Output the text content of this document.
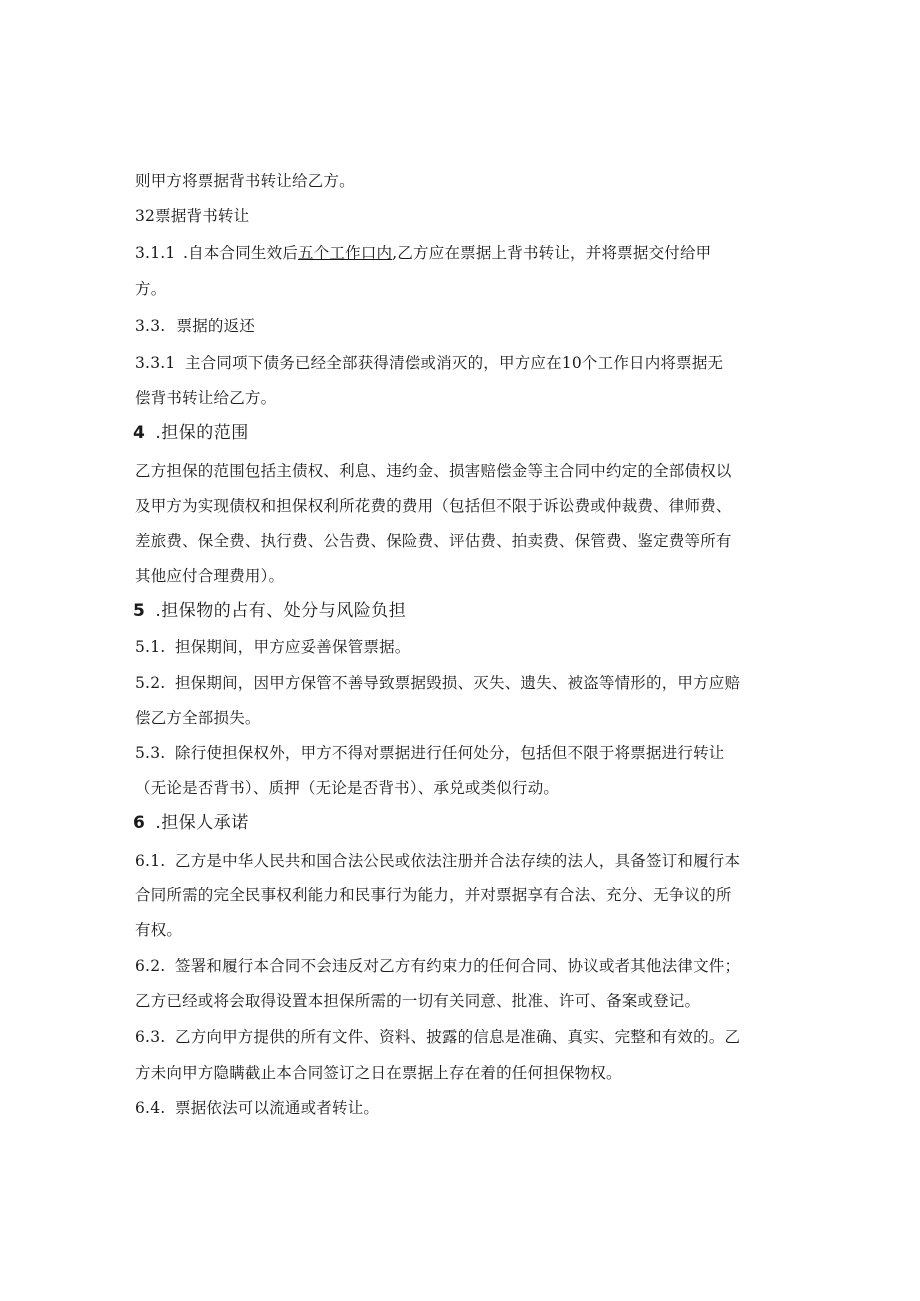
则甲方将票据背书转让给乙方。
32票据背书转让
3.1.1 .自本合同生效后五个工作口内,乙方应在票据上背书转让，并将票据交付给甲
方。
3.3. 票据的返还
3.3.1 主合同项下债务已经全部获得清偿或消灭的，甲方应在10个工作日内将票据无
偿背书转让给乙方。
4 .担保的范围
乙方担保的范围包括主债权、利息、违约金、损害赔偿金等主合同中约定的全部债权以
及甲方为实现债权和担保权利所花费的费用（包括但不限于诉讼费或仲裁费、律师费、
差旅费、保全费、执行费、公告费、保险费、评估费、拍卖费、保管费、鉴定费等所有
其他应付合理费用）。
5 .担保物的占有、处分与风险负担
5.1. 担保期间，甲方应妥善保管票据。
5.2. 担保期间，因甲方保管不善导致票据毁损、灭失、遗失、被盗等情形的，甲方应赔
偿乙方全部损失。
5.3. 除行使担保权外，甲方不得对票据进行任何处分，包括但不限于将票据进行转让
（无论是否背书）、质押（无论是否背书）、承兑或类似行动。
6 .担保人承诺
6.1. 乙方是中华人民共和国合法公民或依法注册并合法存续的法人，具备签订和履行本
合同所需的完全民事权利能力和民事行为能力，并对票据享有合法、充分、无争议的所
有权。
6.2. 签署和履行本合同不会违反对乙方有约束力的任何合同、协议或者其他法律文件；
乙方已经或将会取得设置本担保所需的一切有关同意、批准、许可、备案或登记。
6.3. 乙方向甲方提供的所有文件、资料、披露的信息是准确、真实、完整和有效的。乙
方未向甲方隐瞒截止本合同签订之日在票据上存在着的任何担保物权。
6.4. 票据依法可以流通或者转让。
